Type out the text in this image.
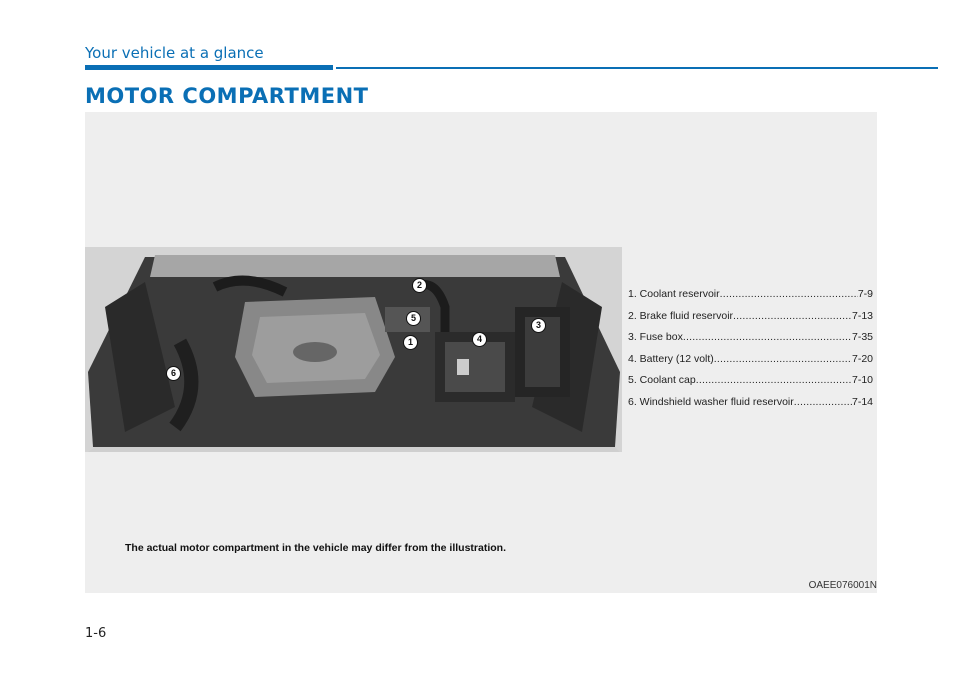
Your vehicle at a glance
MOTOR COMPARTMENT
1
2
3
4
5
6
1. Coolant reservoir .....	7-9
2. Brake fluid reservoir .....	7-13
3. Fuse box .....	7-35
4. Battery (12 volt) .....	7-20
5. Coolant cap .....	7-10
6. Windshield washer fluid reservoir .....	7-14
The actual motor compartment in the vehicle may differ from the illustration.
OAEE076001N
1-6
